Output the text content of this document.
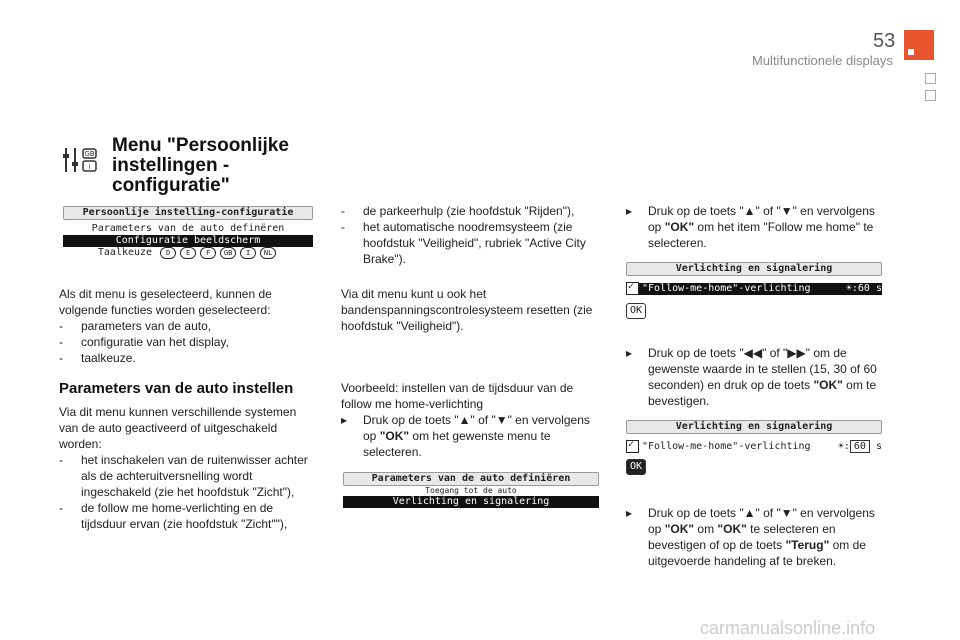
53
Multifunctionele displays
GB
i
Menu "Persoonlijke
instellingen -
configuratie"
Persoonlije instelling-configuratie
Parameters van de auto definëren
Configuratie beeldscherm
Taalkeuze D E F GB I NL

Als dit menu is geselecteerd, kunnen de volgende functies worden geselecteerd:

-	parameters van de auto,
-	configuratie van het display,
-	taalkeuze.
Parameters van de auto instellen

Via dit menu kunnen verschillende systemen van de auto geactiveerd of uitgeschakeld worden:

-	het inschakelen van de ruitenwisser achter als de achteruitversnelling wordt ingeschakeld (zie het hoofdstuk "Zicht"),
-	de follow me home-verlichting en de tijdsduur ervan (zie hoofdstuk "Zicht""),
-	de parkeerhulp (zie hoofdstuk "Rijden"),
-	het automatische noodremsysteem (zie hoofdstuk "Veiligheid", rubriek "Active City Brake").
Via dit menu kunt u ook het bandenspanningscontrolesysteem resetten (zie hoofdstuk "Veiligheid").

Voorbeeld: instellen van de tijdsduur van de

follow me home-verlichting

▸	Druk op de toets "▲" of "▼" en vervolgens op "OK" om het gewenste menu te selecteren.
Parameters van de auto definiëren
Toegang tot de auto
Verlichting en signalering
▸	Druk op de toets "▲" of "▼" en vervolgens op "OK" om het item "Follow me home" te selecteren.
Verlichting en signalering
✓
"Follow-me-home"-verlichting	☀:60 s
OK
▸	Druk op de toets "◀◀" of "▶▶" om de gewenste waarde in te stellen (15, 30 of 60 seconden) en druk op de toets "OK" om te bevestigen.
Verlichting en signalering
✓
"Follow-me-home"-verlichting	☀: 60 s
OK
▸	Druk op de toets "▲" of "▼" en vervolgens op "OK" om "OK" te selecteren en bevestigen of op de toets "Terug" om de uitgevoerde handeling af te breken.
carmanualsonline.info
